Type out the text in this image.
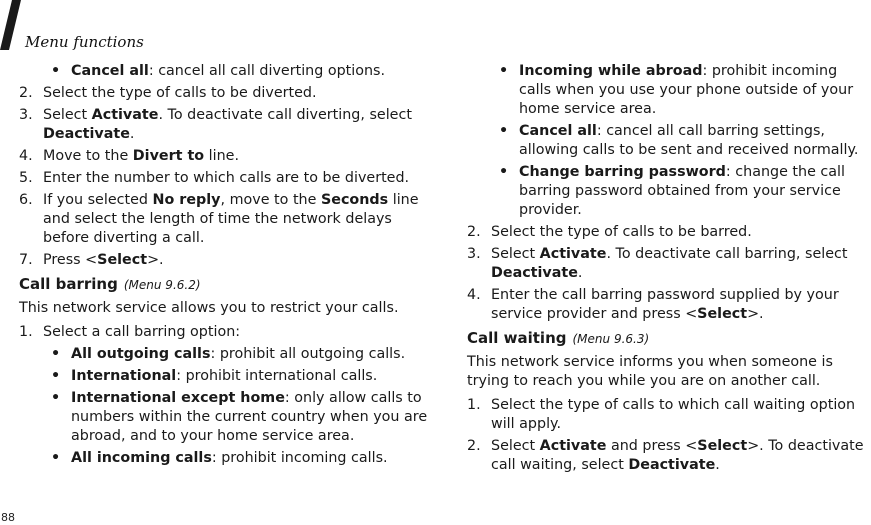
Menu functions
• Cancel all: cancel all call diverting options.
2. Select the type of calls to be diverted.
3. Select Activate. To deactivate call diverting, select Deactivate.
4. Move to the Divert to line.
5. Enter the number to which calls are to be diverted.
6. If you selected No reply, move to the Seconds line and select the length of time the network delays before diverting a call.
7. Press <Select>.
Call barring (Menu 9.6.2)
This network service allows you to restrict your calls.
1. Select a call barring option:
• All outgoing calls: prohibit all outgoing calls.
• International: prohibit international calls.
• International except home: only allow calls to numbers within the current country when you are abroad, and to your home service area.
• All incoming calls: prohibit incoming calls.
• Incoming while abroad: prohibit incoming calls when you use your phone outside of your home service area.
• Cancel all: cancel all call barring settings, allowing calls to be sent and received normally.
• Change barring password: change the call barring password obtained from your service provider.
2. Select the type of calls to be barred.
3. Select Activate. To deactivate call barring, select Deactivate.
4. Enter the call barring password supplied by your service provider and press <Select>.
Call waiting (Menu 9.6.3)
This network service informs you when someone is trying to reach you while you are on another call.
1. Select the type of calls to which call waiting option will apply.
2. Select Activate and press <Select>. To deactivate call waiting, select Deactivate.
88
